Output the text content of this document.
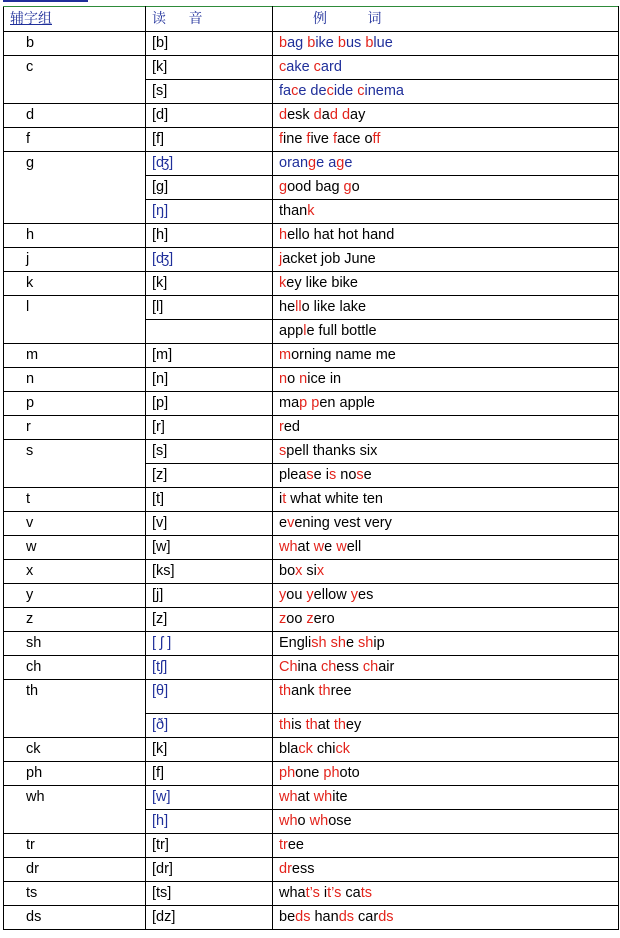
辅字组	读 音	例 词
b	[b]	bag bike bus blue
c	[k]	cake card
	[s]	face decide cinema
d	[d]	desk dad day
f	[f]	fine five face off
g	[ʤ]	orange age
	[g]	good bag go
	[ŋ]	thank
h	[h]	hello hat hot hand
j	[ʤ]	jacket job June
k	[k]	key like bike
l	[l]	hello like lake
		apple full bottle
m	[m]	morning name me
n	[n]	no nice in
p	[p]	map pen apple
r	[r]	red
s	[s]	spell thanks six
	[z]	please is nose
t	[t]	it what white ten
v	[v]	evening vest very
w	[w]	what we well
x	[ks]	box six
y	[j]	you yellow yes
z	[z]	zoo zero
sh	[ ʃ ]	English she ship
ch	[tʃ]	China chess chair
th	[θ]	thank three
	[ð]	this that they
ck	[k]	black chick
ph	[f]	phone photo
wh	[w]	what white
	[h]	who whose
tr	[tr]	tree
dr	[dr]	dress
ts	[ts]	what’s it’s cats
ds	[dz]	beds hands cards
